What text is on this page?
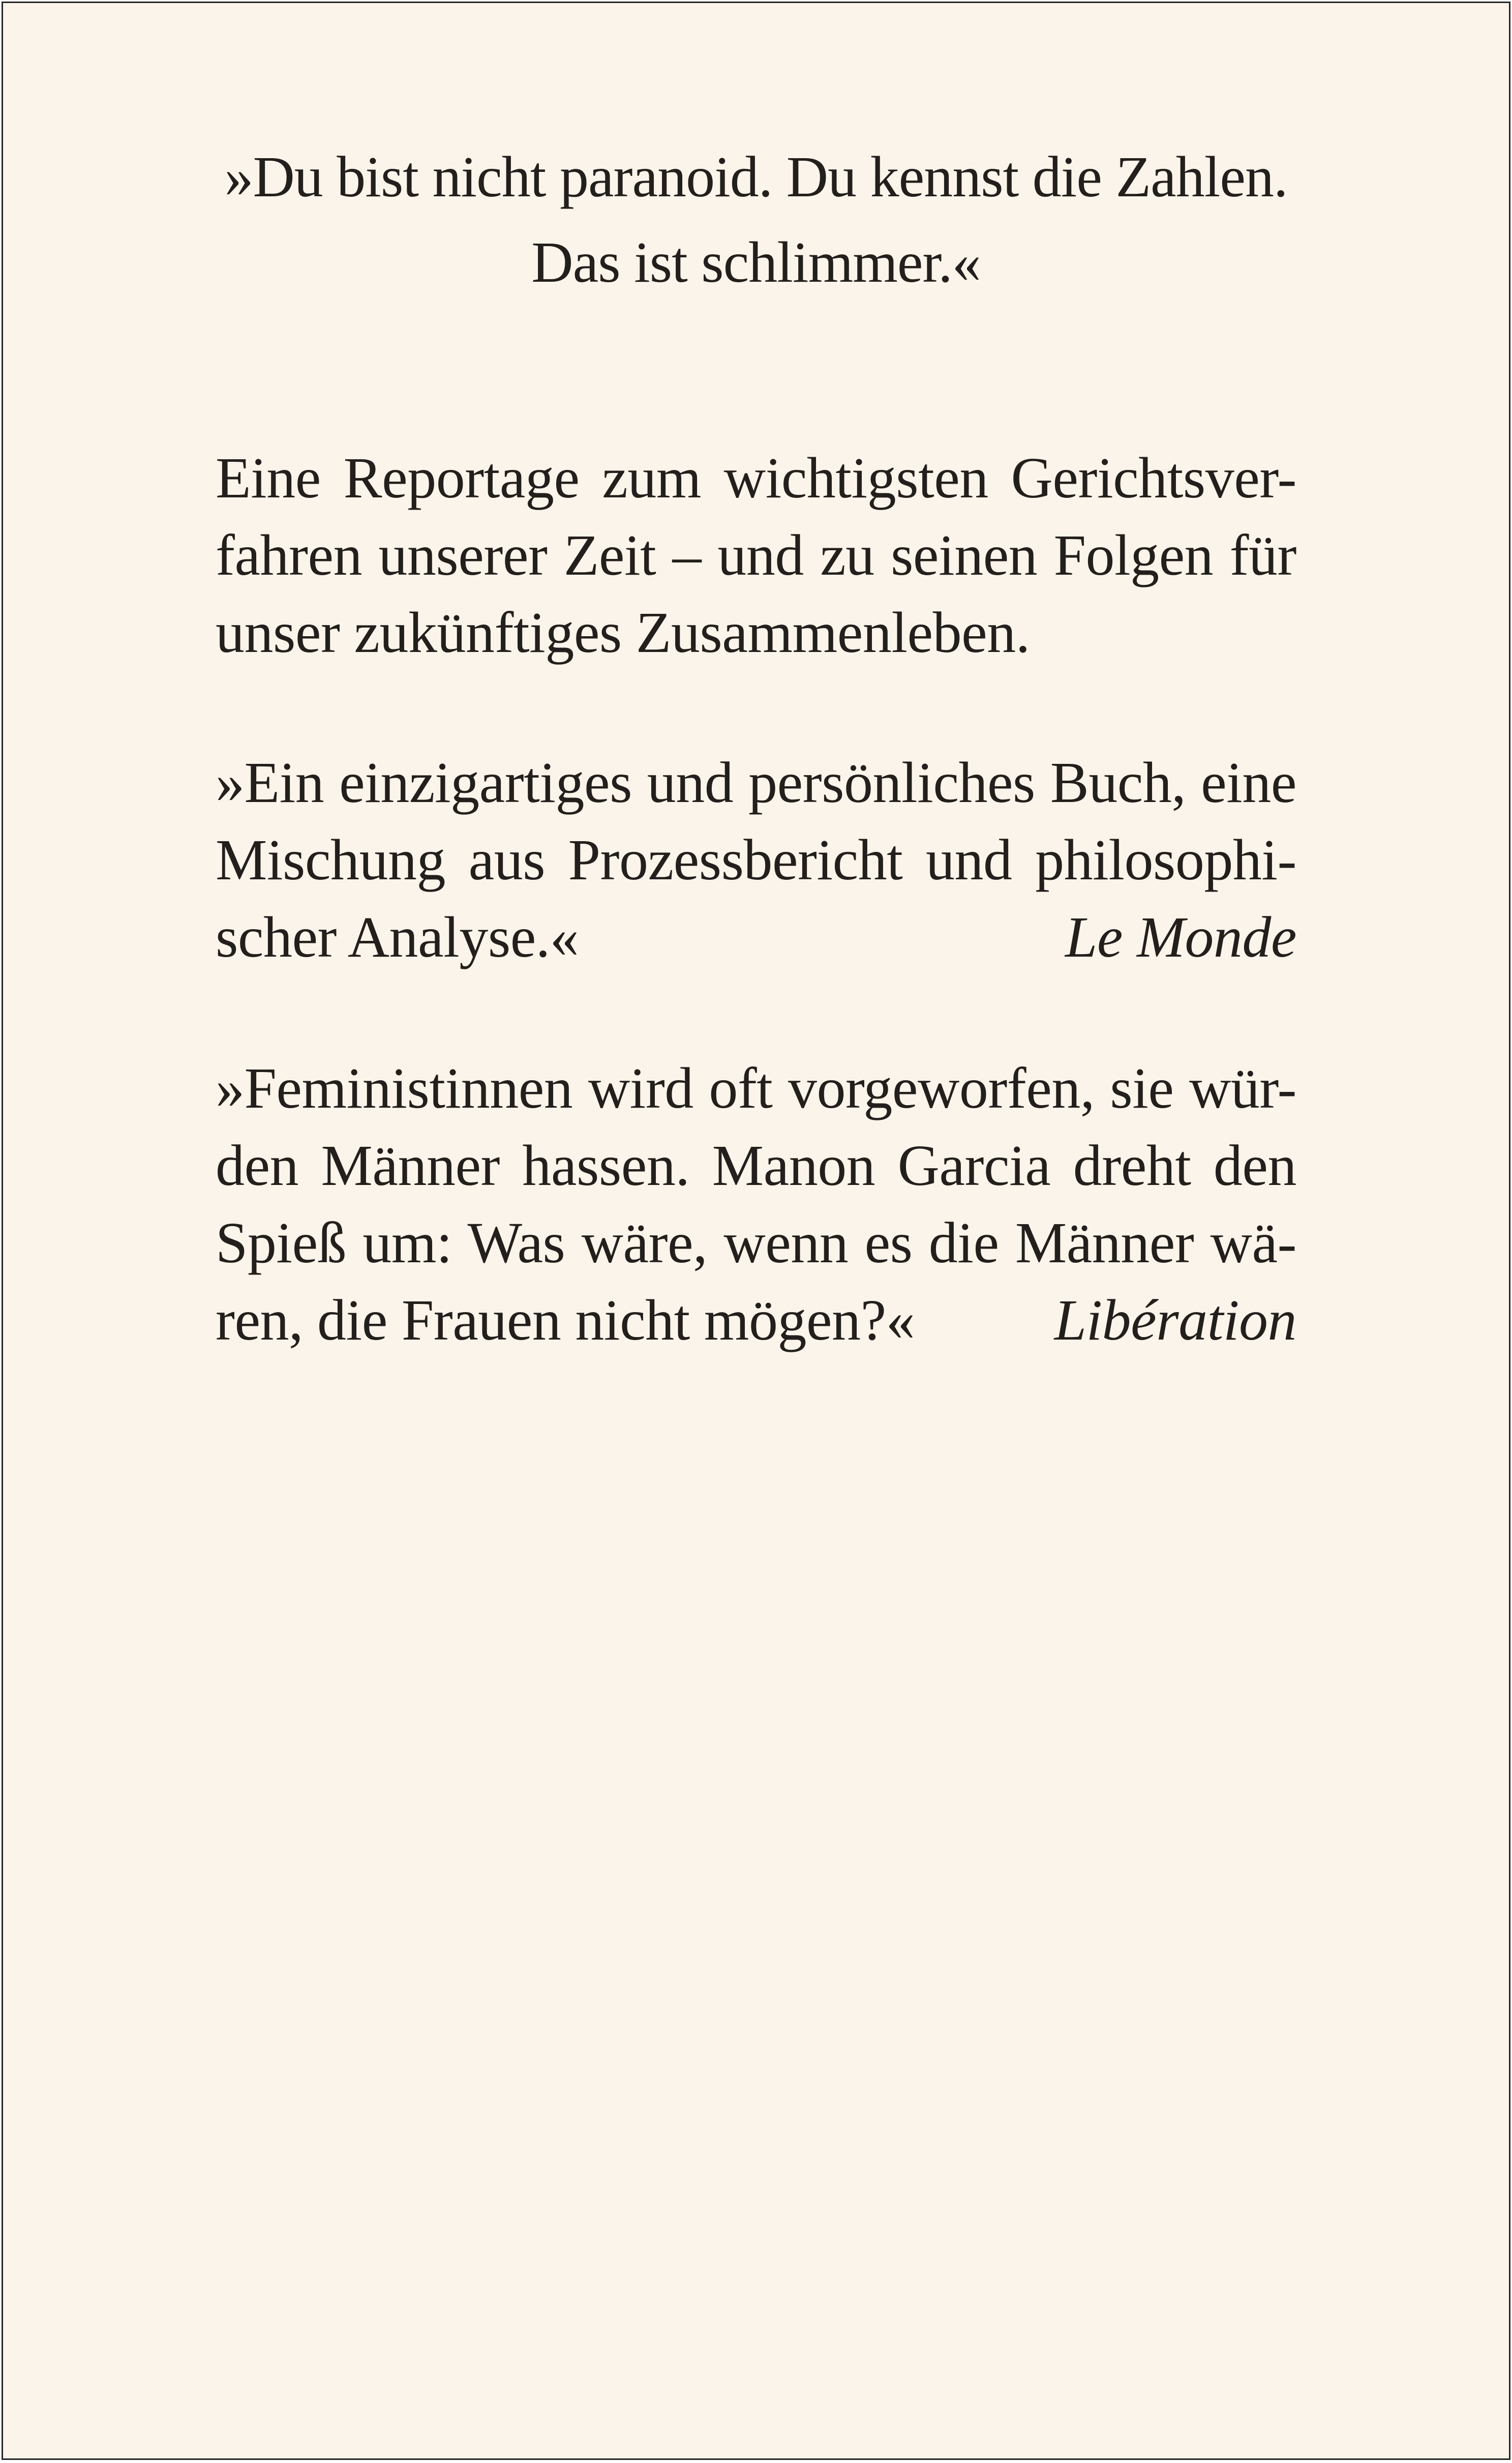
»Du bist nicht paranoid. Du kennst die Zahlen.
Das ist schlimmer.«
Eine Reportage zum wichtigsten Gerichtsver-
fahren unserer Zeit – und zu seinen Folgen für
unser zukünftiges Zusammenleben.
»Ein einzigartiges und persönliches Buch, eine
Mischung aus Prozessbericht und philosophi-
scher Analyse.«	Le Monde
»Feministinnen wird oft vorgeworfen, sie wür-
den Männer hassen. Manon Garcia dreht den
Spieß um: Was wäre, wenn es die Männer wä-
ren, die Frauen nicht mögen?« Libération
